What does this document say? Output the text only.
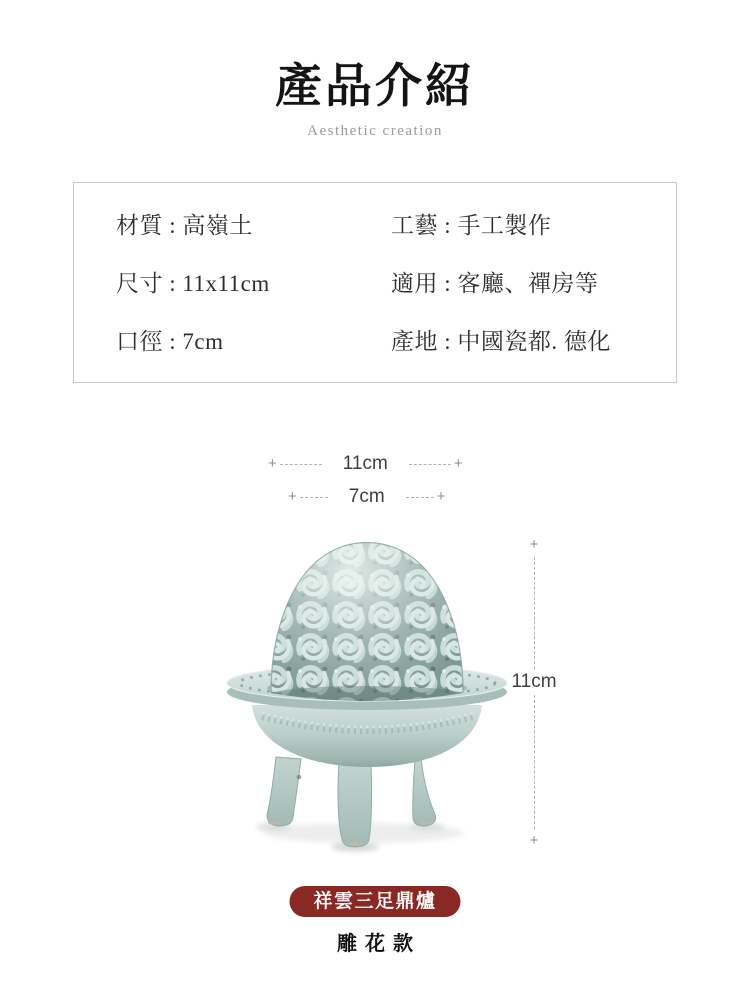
產品介紹
Aesthetic creation
材質 : 高嶺土	工藝 : 手工製作
尺寸 : 11x11cm	適用 : 客廳、禪房等
口徑 : 7cm	產地 : 中國瓷都. 德化
+	11cm	+
+	7cm	+
+
11cm
+
祥雲三足鼎爐
雕花款
